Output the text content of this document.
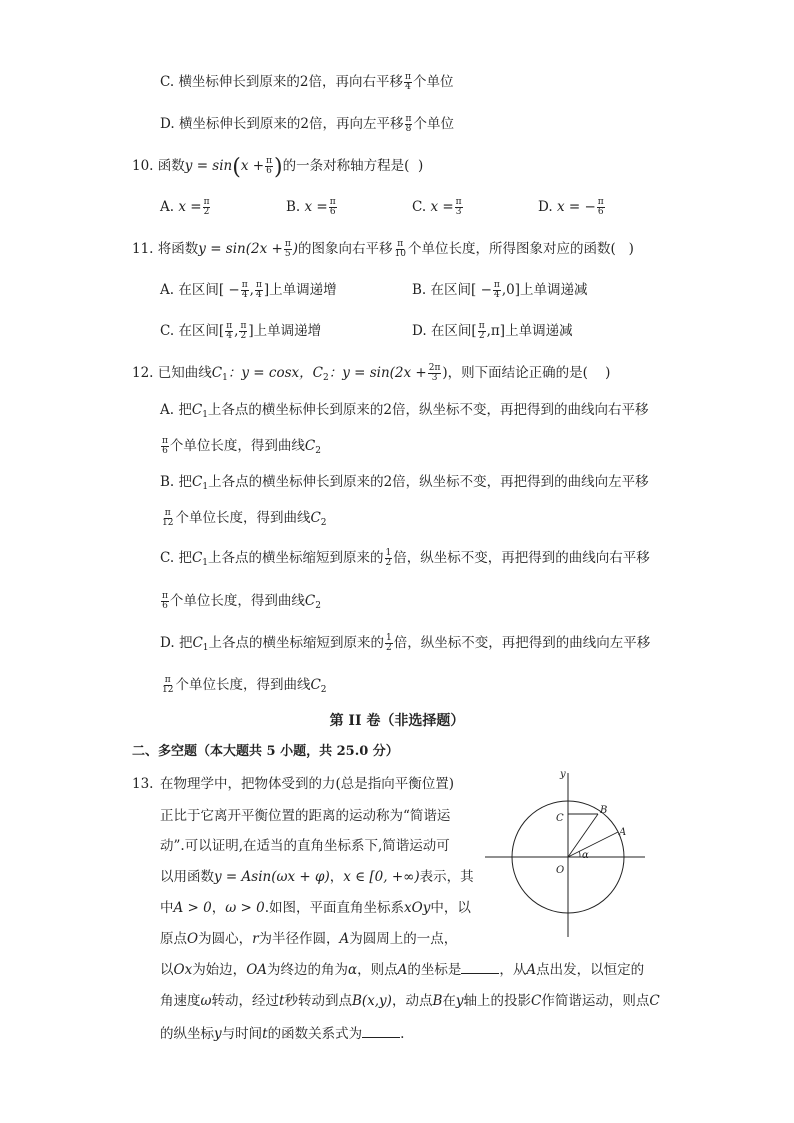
C. 横坐标伸长到原来的2倍，再向右平移 $\frac{\pi}{4}$ 个单位
D. 横坐标伸长到原来的2倍，再向左平移 $\frac{\pi}{8}$ 个单位
10. 函数$y = \sin(x + \frac{\pi}{6}$ )的一条对称轴方程是( )
A. $x = \frac{\pi}{2}$	B. $x = \frac{\pi}{6}$	C. $x = \frac{\pi}{3}$	D. x = − $\frac{\pi}{6}$
11. 将函数$y = \sin(2x + \frac{\pi}{5}$ )的图象向右平移 $\frac{\pi}{10}$ 个单位长度，所得图象对应的函数( )
A. 在区间[ − $\frac{\pi}{4}$ , $\frac{\pi}{4}$ ]上单调递增	B. 在区间[ − $\frac{\pi}{4} ,0$]上单调递减
C. 在区间[ $\frac{\pi}{4}$ , $\frac{\pi}{2}$ ]上单调递增	D. 在区间[ $\frac{\pi}{2} ,\pi$]上单调递减
12. 已知曲线$C_1$：y = cosx，$C_2$：$y = \sin(2x + \frac{2\pi}{3}$ )，则下面结论正确的是( )
A. 把$C_1$上各点的横坐标伸长到原来的2倍，纵坐标不变，再把得到的曲线向右平移
$\frac{\pi}{6}$ 个单位长度，得到曲线$C_2$
B. 把$C_1$上各点的横坐标伸长到原来的2倍，纵坐标不变，再把得到的曲线向左平移
$\frac{\pi}{12}$ 个单位长度，得到曲线$C_2$
C. 把$C_1$上各点的横坐标缩短到原来的 $\frac{1}{2}$ 倍，纵坐标不变，再把得到的曲线向右平移
$\frac{\pi}{6}$ 个单位长度，得到曲线$C_2$
D. 把$C_1$上各点的横坐标缩短到原来的 $\frac{1}{2}$ 倍，纵坐标不变，再把得到的曲线向左平移
$\frac{\pi}{12}$ 个单位长度，得到曲线$C_2$
第 II 卷（非选择题）
二、多空题（本大题共 5 小题，共 25.0 分）
13. 在物理学中，把物体受到的力(总是指向平衡位置)
正比于它离开平衡位置的距离的运动称为“简谐运
动”.可以证明,在适当的直角坐标系下,简谐运动可
以用函数y = Asin(ωx + φ)，x ∈ [0, +∞)表示，其
中A > 0，ω > 0.如图，平面直角坐标系xOy中，以
原点O为圆心，r为半径作圆，A为圆周上的一点，
以Ox为始边，OA为终边的角为α，则点A的坐标是	，从A点出发，以恒定的
角速度ω转动，经过t秒转动到点B(x,y)，动点B在y轴上的投影C作简谐运动，则点C
的纵坐标y与时间t的函数关系式为	.
y
B
C
A
α
O
